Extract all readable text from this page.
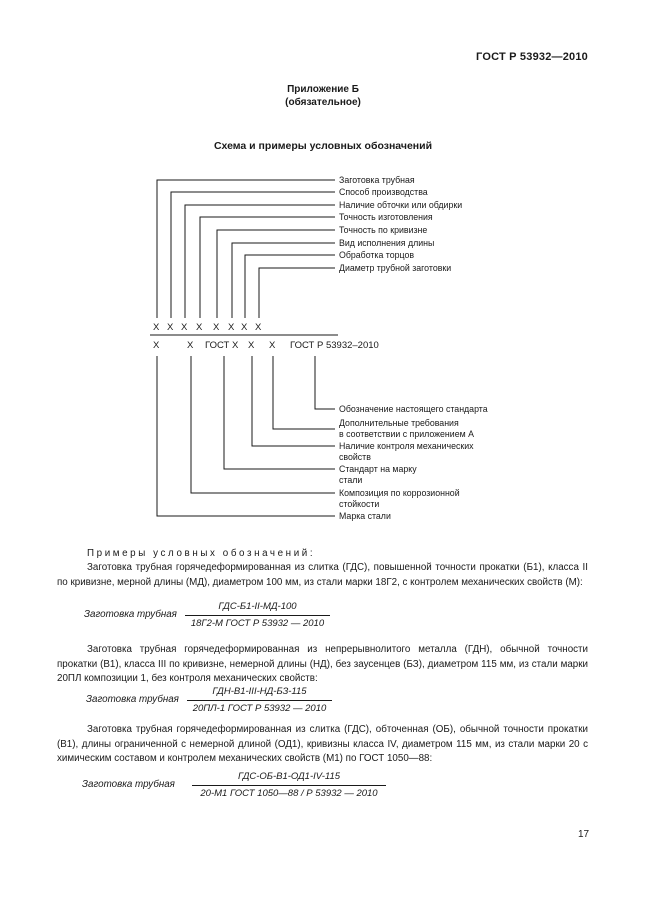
ГОСТ Р 53932—2010
Приложение Б
(обязательное)
Схема и примеры условных обозначений
Заготовка трубная
Способ производства
Наличие обточки или обдирки
Точность изготовления
Точность по кривизне
Вид исполнения длины
Обработка торцов
Диаметр трубной заготовки
X X X X X X X X
X	X ГОСТ X X X ГОСТ Р 53932–2010
Обозначение настоящего стандарта
Дополнительные требования
в соответствии с приложением А
Наличие контроля механических
свойств
Стандарт на марку
стали
Композиция по коррозионной
стойкости
Марка стали
Примеры условных обозначений:
Заготовка трубная горячедеформированная из слитка (ГДС), повышенной точности прокатки (Б1), класса II по кривизне, мерной длины (МД), диаметром 100 мм, из стали марки 18Г2, с контролем механических свойств (М):
Заготовка трубная
ГДС-Б1-II-МД-100
18Г2-М ГОСТ Р 53932 — 2010
Заготовка трубная горячедеформированная из непрерывнолитого металла (ГДН), обычной точности прокатки (В1), класса III по кривизне, немерной длины (НД), без заусенцев (БЗ), диаметром 115 мм, из стали марки 20ПЛ композиции 1, без контроля механических свойств:
Заготовка трубная
ГДН-В1-III-НД-БЗ-115
20ПЛ-1 ГОСТ Р 53932 — 2010
Заготовка трубная горячедеформированная из слитка (ГДС), обточенная (ОБ), обычной точности прокатки (В1), длины ограниченной с немерной длиной (ОД1), кривизны класса IV, диаметром 115 мм, из стали марки 20 с химическим составом и контролем механических свойств (М1) по ГОСТ 1050—88:
Заготовка трубная
ГДС-ОБ-В1-ОД1-IV-115
20-М1 ГОСТ 1050—88 / Р 53932 — 2010
17
